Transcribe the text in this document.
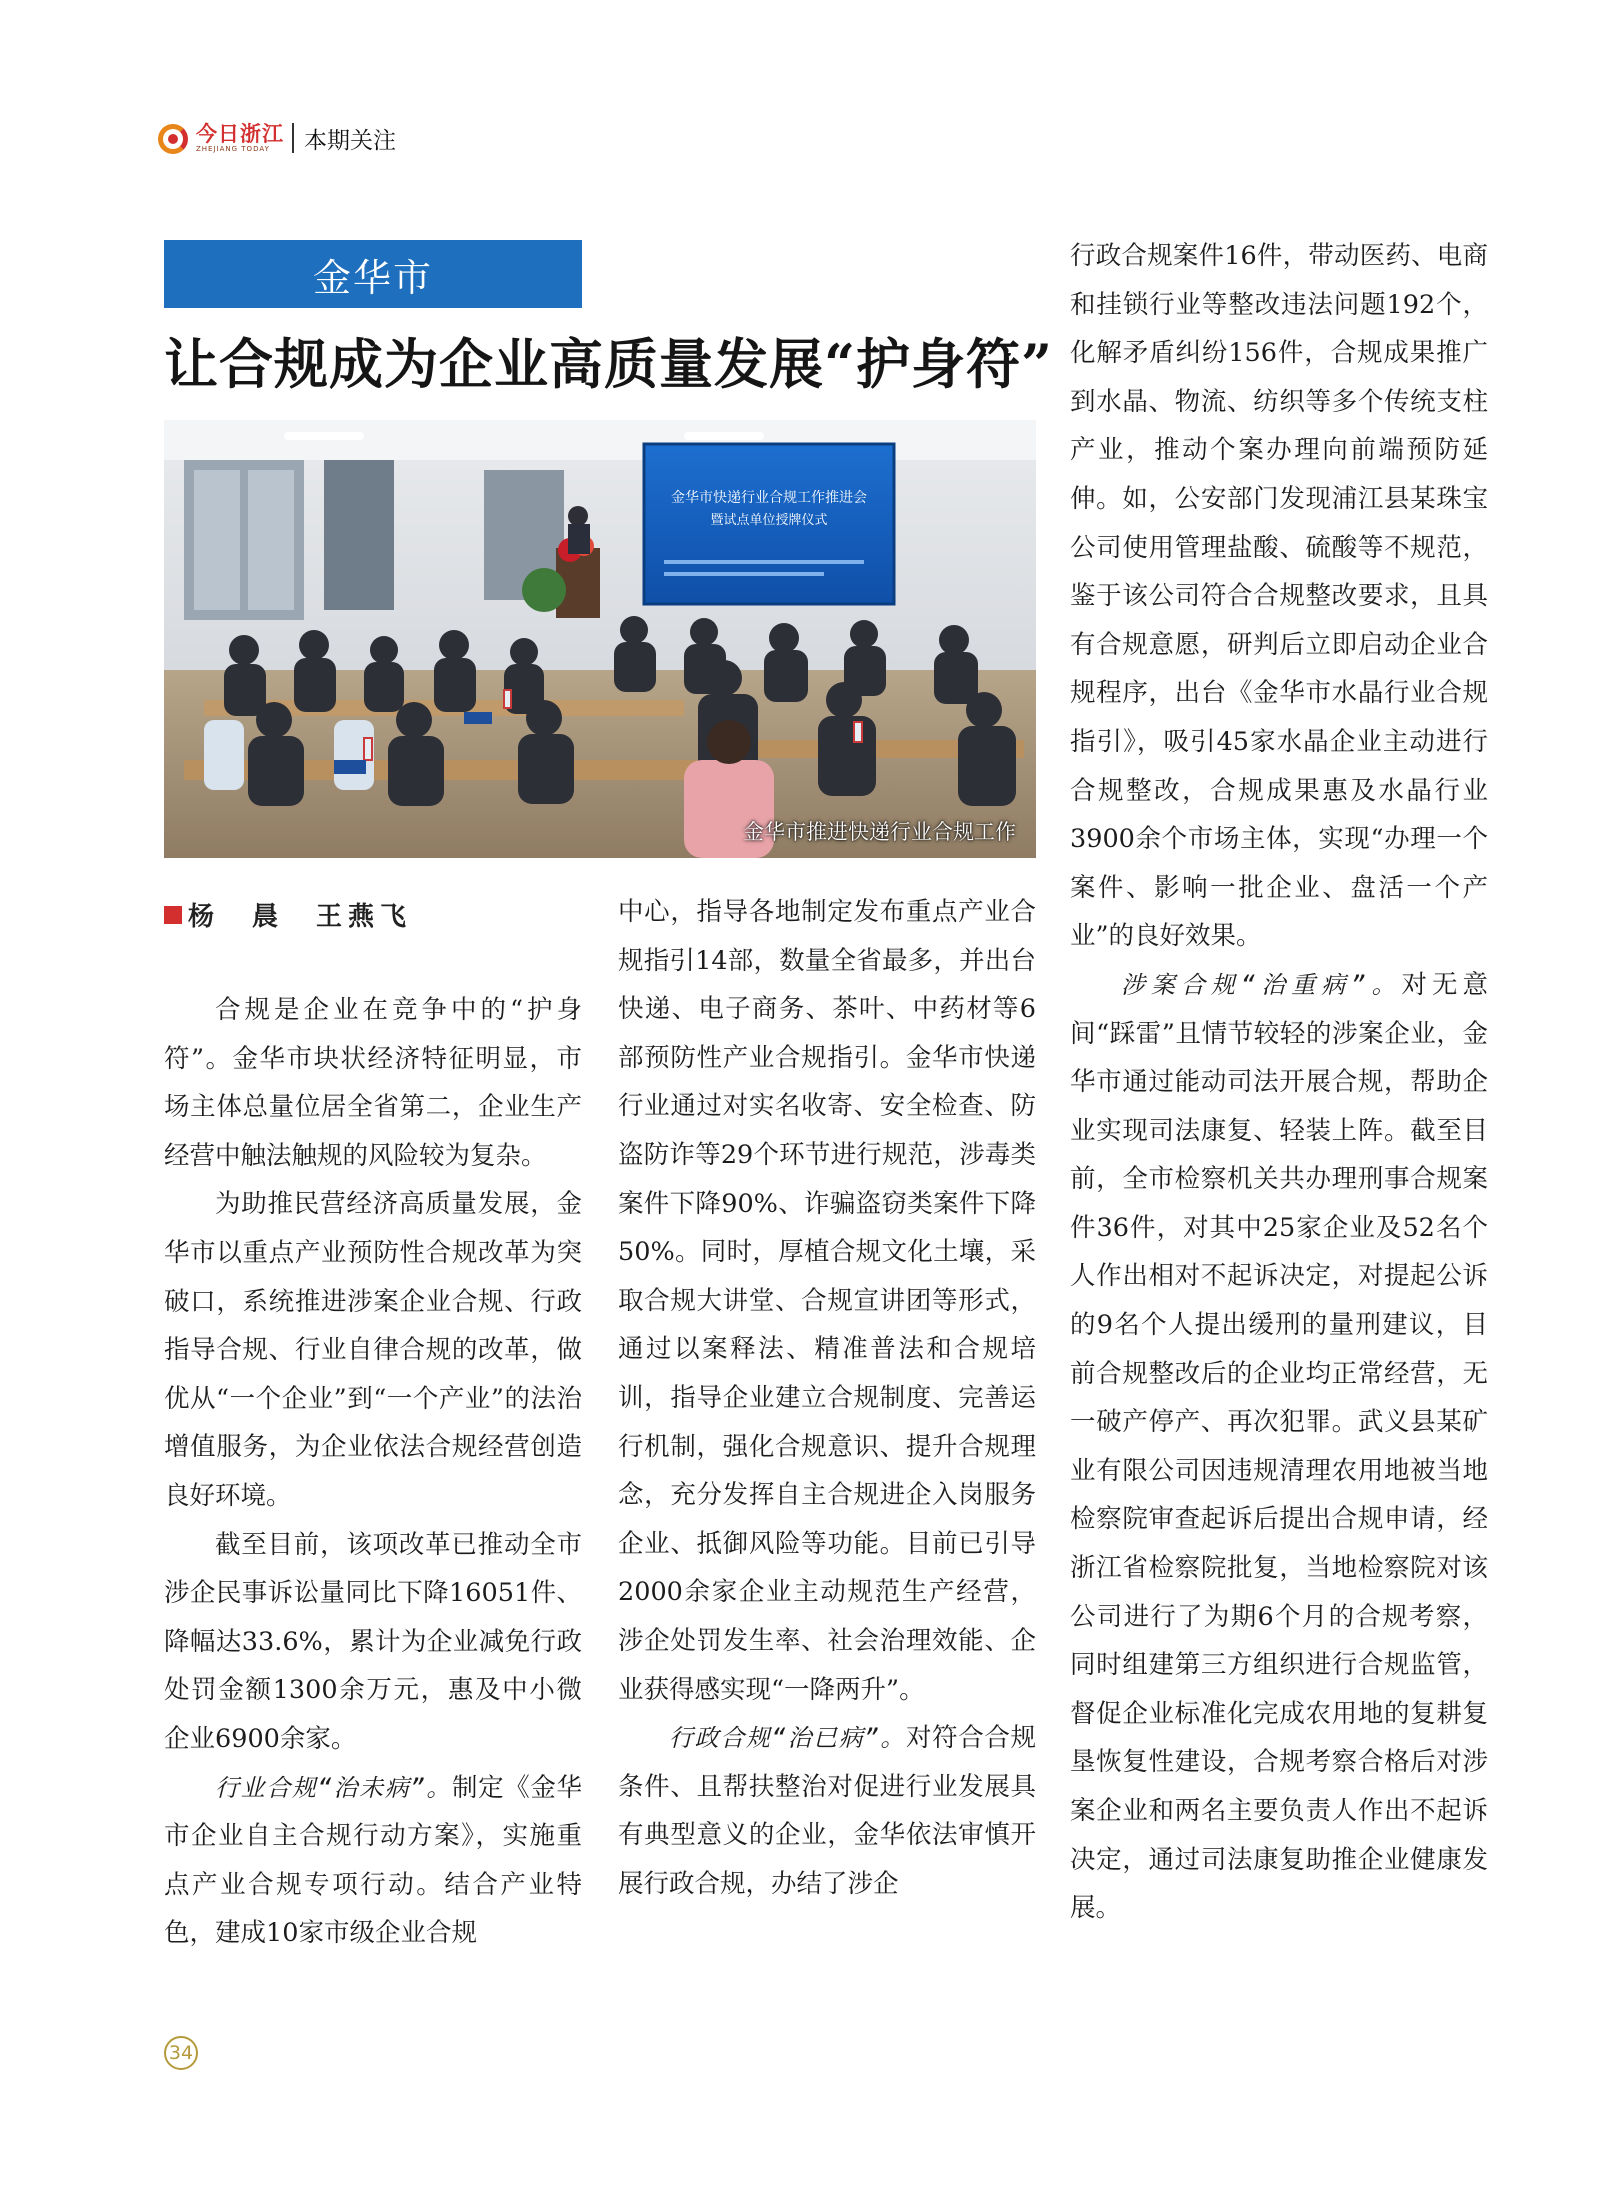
今日浙江
ZHEJIANG TODAY	本期关注
金华市
让合规成为企业高质量发展“护身符”
金华市快递行业合规工作推进会
暨试点单位授牌仪式
金华市推进快递行业合规工作
杨　晨　王燕飞

合规是企业在竞争中的“护身符”。金华市块状经济特征明显，市场主体总量位居全省第二，企业生产经营中触法触规的风险较为复杂。

为助推民营经济高质量发展，金华市以重点产业预防性合规改革为突破口，系统推进涉案企业合规、行政指导合规、行业自律合规的改革，做优从“一个企业”到“一个产业”的法治增值服务，为企业依法合规经营创造良好环境。

截至目前，该项改革已推动全市涉企民事诉讼量同比下降16051件、降幅达33.6%，累计为企业减免行政处罚金额1300余万元，惠及中小微企业6900余家。

行业合规“治未病”。制定《金华市企业自主合规行动方案》，实施重点产业合规专项行动。结合产业特色，建成10家市级企业合规

中心，指导各地制定发布重点产业合规指引14部，数量全省最多，并出台快递、电子商务、茶叶、中药材等6部预防性产业合规指引。金华市快递行业通过对实名收寄、安全检查、防盗防诈等29个环节进行规范，涉毒类案件下降90%、诈骗盗窃类案件下降50%。同时，厚植合规文化土壤，采取合规大讲堂、合规宣讲团等形式，通过以案释法、精准普法和合规培训，指导企业建立合规制度、完善运行机制，强化合规意识、提升合规理念，充分发挥自主合规进企入岗服务企业、抵御风险等功能。目前已引导2000余家企业主动规范生产经营，涉企处罚发生率、社会治理效能、企业获得感实现“一降两升”。

行政合规“治已病”。对符合合规条件、且帮扶整治对促进行业发展具有典型意义的企业，金华依法审慎开展行政合规，办结了涉企

行政合规案件16件，带动医药、电商和挂锁行业等整改违法问题192个，化解矛盾纠纷156件，合规成果推广到水晶、物流、纺织等多个传统支柱产业，推动个案办理向前端预防延伸。如，公安部门发现浦江县某珠宝公司使用管理盐酸、硫酸等不规范，鉴于该公司符合合规整改要求，且具有合规意愿，研判后立即启动企业合规程序，出台《金华市水晶行业合规指引》，吸引45家水晶企业主动进行合规整改，合规成果惠及水晶行业3900余个市场主体，实现“办理一个案件、影响一批企业、盘活一个产业”的良好效果。

涉案合规“治重病”。对无意间“踩雷”且情节较轻的涉案企业，金华市通过能动司法开展合规，帮助企业实现司法康复、轻装上阵。截至目前，全市检察机关共办理刑事合规案件36件，对其中25家企业及52名个人作出相对不起诉决定，对提起公诉的9名个人提出缓刑的量刑建议，目前合规整改后的企业均正常经营，无一破产停产、再次犯罪。武义县某矿业有限公司因违规清理农用地被当地检察院审查起诉后提出合规申请，经浙江省检察院批复，当地检察院对该公司进行了为期6个月的合规考察，同时组建第三方组织进行合规监管，督促企业标准化完成农用地的复耕复垦恢复性建设，合规考察合格后对涉案企业和两名主要负责人作出不起诉决定，通过司法康复助推企业健康发展。

34
